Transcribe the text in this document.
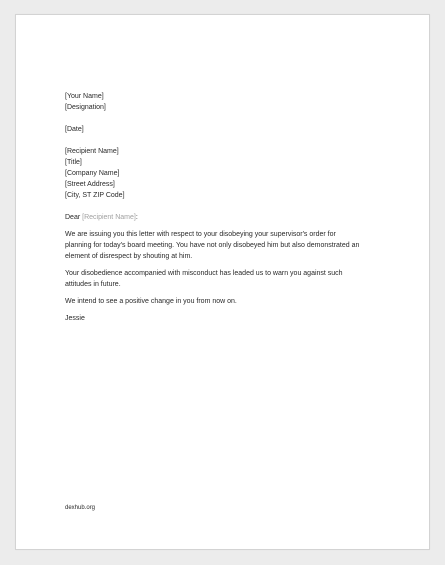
[Your Name]
[Designation]
[Date]
[Recipient Name]
[Title]
[Company Name]
[Street Address]
[City, ST ZIP Code]
Dear [Recipient Name]:
We are issuing you this letter with respect to your disobeying your supervisor's order for
planning for today's board meeting. You have not only disobeyed him but also demonstrated an
element of disrespect by shouting at him.
Your disobedience accompanied with misconduct has leaded us to warn you against such
attitudes in future.
We intend to see a positive change in you from now on.
Jessie
dexhub.org
